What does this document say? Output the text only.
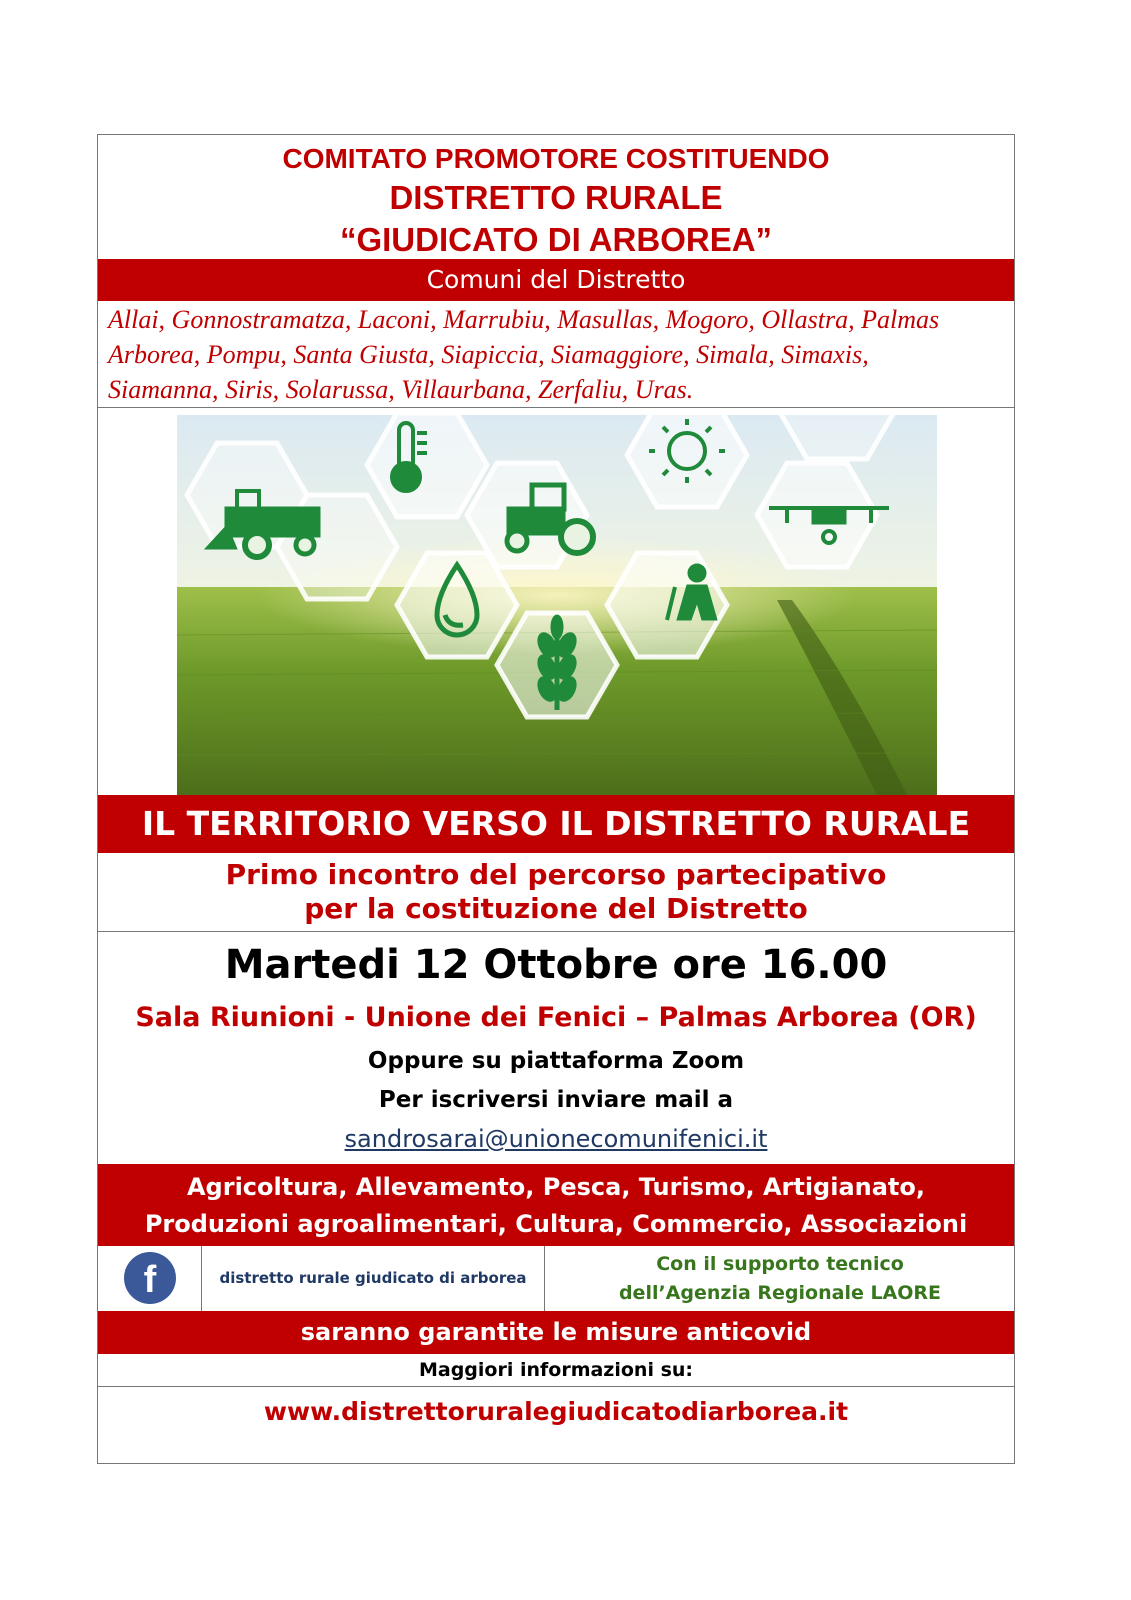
COMITATO PROMOTORE COSTITUENDO
DISTRETTO RURALE
“GIUDICATO DI ARBOREA”
Comuni del Distretto
Allai, Gonnostramatza, Laconi, Marrubiu, Masullas, Mogoro, Ollastra, Palmas
Arborea, Pompu, Santa Giusta, Siapiccia, Siamaggiore, Simala, Simaxis,
Siamanna, Siris, Solarussa, Villaurbana, Zerfaliu, Uras.
IL TERRITORIO VERSO IL DISTRETTO RURALE
Primo incontro del percorso partecipativo
per la costituzione del Distretto
Martedi 12 Ottobre ore 16.00
Sala Riunioni - Unione dei Fenici – Palmas Arborea (OR)
Oppure su piattaforma Zoom
Per iscriversi inviare mail a
sandrosarai@unionecomunifenici.it
Agricoltura, Allevamento, Pesca, Turismo, Artigianato,
Produzioni agroalimentari, Cultura, Commercio, Associazioni
f	distretto rurale giudicato di arborea
Con il supporto tecnico
dell’Agenzia Regionale LAORE
saranno garantite le misure anticovid
Maggiori informazioni su:
www.distrettoruralegiudicatodiarborea.it
